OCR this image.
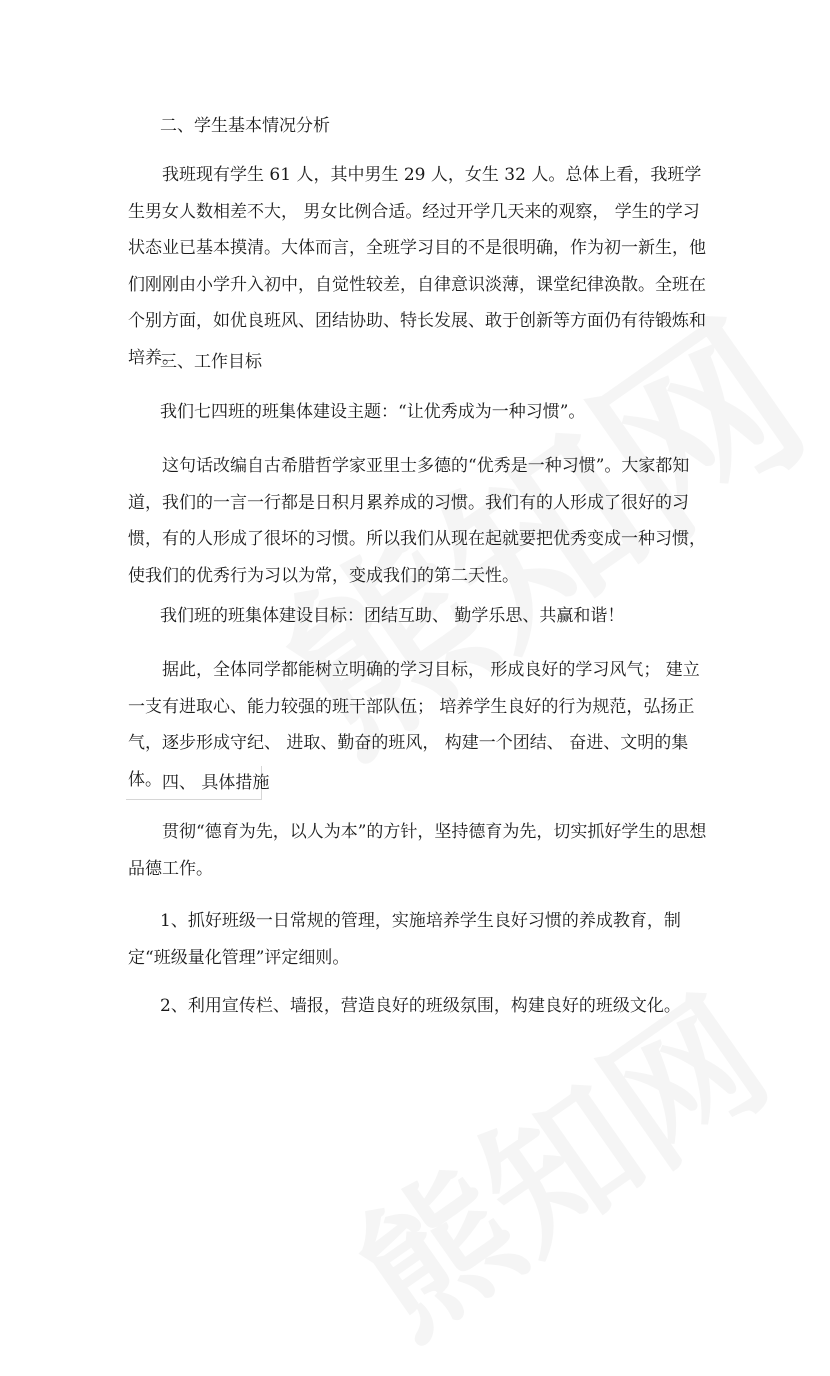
二、学生基本情况分析

我班现有学生 61 人，其中男生 29 人，女生 32 人。总体上看，我班学生男女人数相差不大， 男女比例合适。经过开学几天来的观察， 学生的学习状态业已基本摸清。大体而言，全班学习目的不是很明确，作为初一新生，他们刚刚由小学升入初中，自觉性较差，自律意识淡薄，课堂纪律涣散。全班在个别方面，如优良班风、团结协助、特长发展、敢于创新等方面仍有待锻炼和培养。

三、工作目标

我们七四班的班集体建设主题：“让优秀成为一种习惯”。

这句话改编自古希腊哲学家亚里士多德的“优秀是一种习惯”。大家都知道，我们的一言一行都是日积月累养成的习惯。我们有的人形成了很好的习惯，有的人形成了很坏的习惯。所以我们从现在起就要把优秀变成一种习惯，使我们的优秀行为习以为常，变成我们的第二天性。

我们班的班集体建设目标：团结互助、 勤学乐思、共赢和谐！

据此，全体同学都能树立明确的学习目标， 形成良好的学习风气； 建立一支有进取心、能力较强的班干部队伍； 培养学生良好的行为规范，弘扬正气，逐步形成守纪、 进取、勤奋的班风， 构建一个团结、 奋进、文明的集体。 四、 具体措施

贯彻“德育为先，以人为本”的方针，坚持德育为先，切实抓好学生的思想品德工作。

1、抓好班级一日常规的管理，实施培养学生良好习惯的养成教育，制定“班级量化管理”评定细则。

2、利用宣传栏、墙报，营造良好的班级氛围，构建良好的班级文化。
